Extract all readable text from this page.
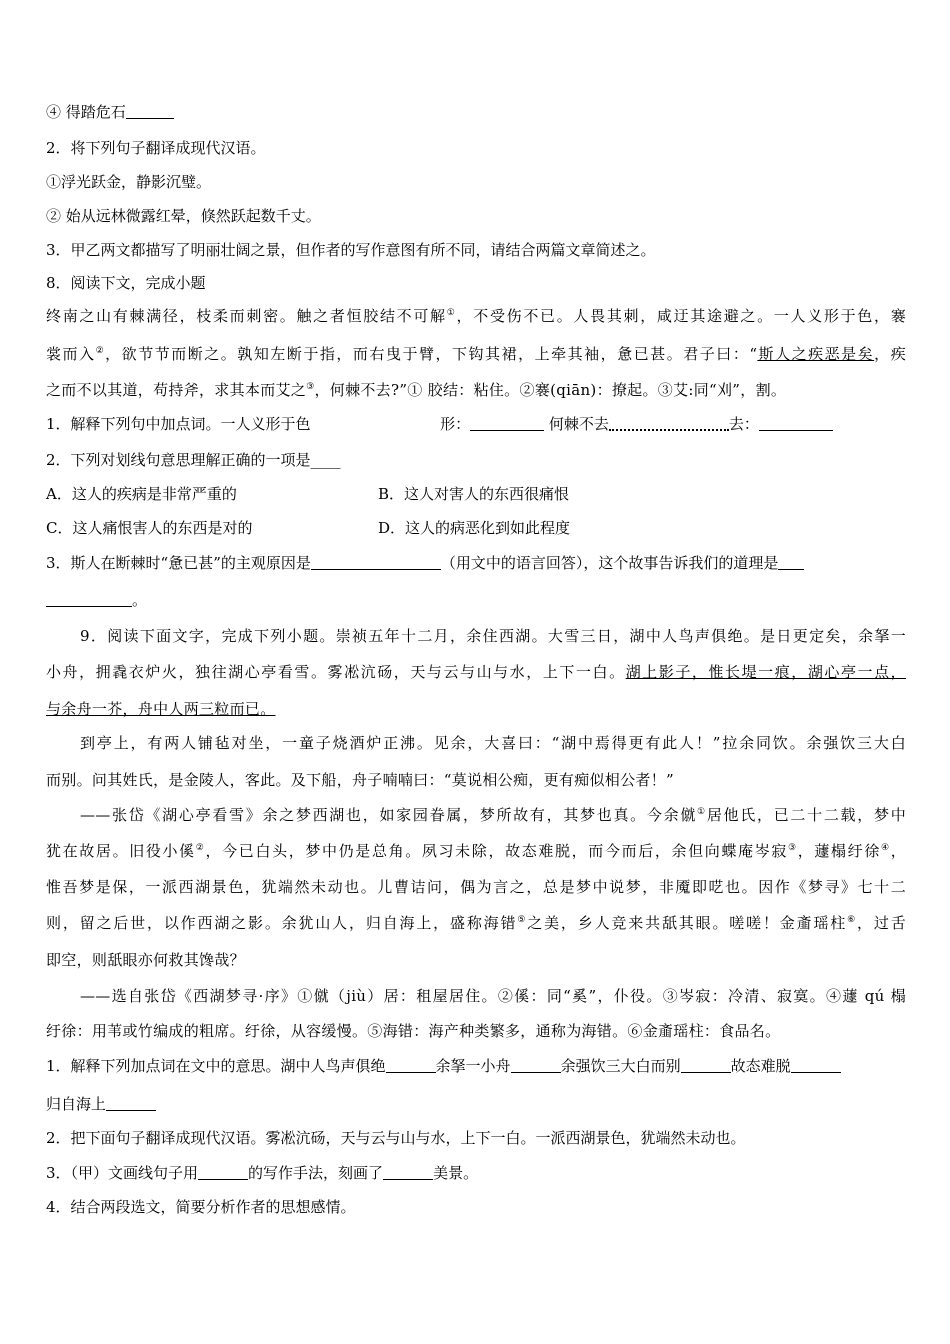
④ 得踏危石
2．将下列句子翻译成现代汉语。
①浮光跃金，静影沉璧。
② 始从远林微露红晕，倏然跃起数千丈。
3．甲乙两文都描写了明丽壮阔之景，但作者的写作意图有所不同，请结合两篇文章简述之。
8．阅读下文，完成小题
终南之山有棘满径，枝柔而刺密。触之者恒胶结不可解①，不受伤不已。人畏其刺，咸迂其途避之。一人义形于色，褰
裳而入②，欲节节而断之。孰知左断于指，而右曳于臂，下钩其裙，上牵其袖，惫已甚。君子曰：“斯人之疾恶是矣，疾
之而不以其道，苟持斧，求其本而艾之③，何棘不去?”① 胶结：粘住。②褰(qiān)：撩起。③艾:同“刈”，割。
1．解释下列句中加点词。一人义形于色	形：	何棘不去	去：
2．下列对划线句意思理解正确的一项是____
A．这人的疾病是非常严重的	B．这人对害人的东西很痛恨
C．这人痛恨害人的东西是对的	D．这人的病恶化到如此程度
3．斯人在断棘时“惫已甚”的主观原因是	（用文中的语言回答），这个故事告诉我们的道理是
。
9．阅读下面文字，完成下列小题。崇祯五年十二月，余住西湖。大雪三日，湖中人鸟声俱绝。是日更定矣，余拏一
小舟，拥毳衣炉火，独往湖心亭看雪。雾凇沆砀，天与云与山与水，上下一白。湖上影子，惟长堤一痕，湖心亭一点，
与余舟一芥，舟中人两三粒而已。
到亭上，有两人铺毡对坐，一童子烧酒炉正沸。见余，大喜曰：“湖中焉得更有此人！”拉余同饮。余强饮三大白
而别。问其姓氏，是金陵人，客此。及下船，舟子喃喃曰：“莫说相公痴，更有痴似相公者！”
——张岱《湖心亭看雪》余之梦西湖也，如家园眷属，梦所故有，其梦也真。今余僦①居他氏，已二十二载，梦中
犹在故居。旧役小傒②，今已白头，梦中仍是总角。夙习未除，故态难脱，而今而后，余但向蝶庵岑寂③，蘧榻纡徐④，
惟吾梦是保，一派西湖景色，犹端然未动也。儿曹诘问，偶为言之，总是梦中说梦，非魇即呓也。因作《梦寻》七十二
则，留之后世，以作西湖之影。余犹山人，归自海上，盛称海错⑤之美，乡人竞来共舐其眼。嗟嗟！金齑瑶柱⑥，过舌
即空，则舐眼亦何救其馋哉？
——选自张岱《西湖梦寻·序》①僦（jiù）居：租屋居住。②傒：同“奚”，仆役。③岑寂：冷清、寂寞。④蘧 qú 榻
纡徐：用苇或竹编成的粗席。纡徐，从容缓慢。⑤海错：海产种类繁多，通称为海错。⑥金齑瑶柱：食品名。
1．解释下列加点词在文中的意思。湖中人鸟声俱绝	余拏一小舟	余强饮三大白而别	故态难脱
归自海上
2．把下面句子翻译成现代汉语。雾凇沆砀，天与云与山与水，上下一白。一派西湖景色，犹端然未动也。
3．（甲）文画线句子用	的写作手法，刻画了	美景。
4．结合两段选文，简要分析作者的思想感情。
